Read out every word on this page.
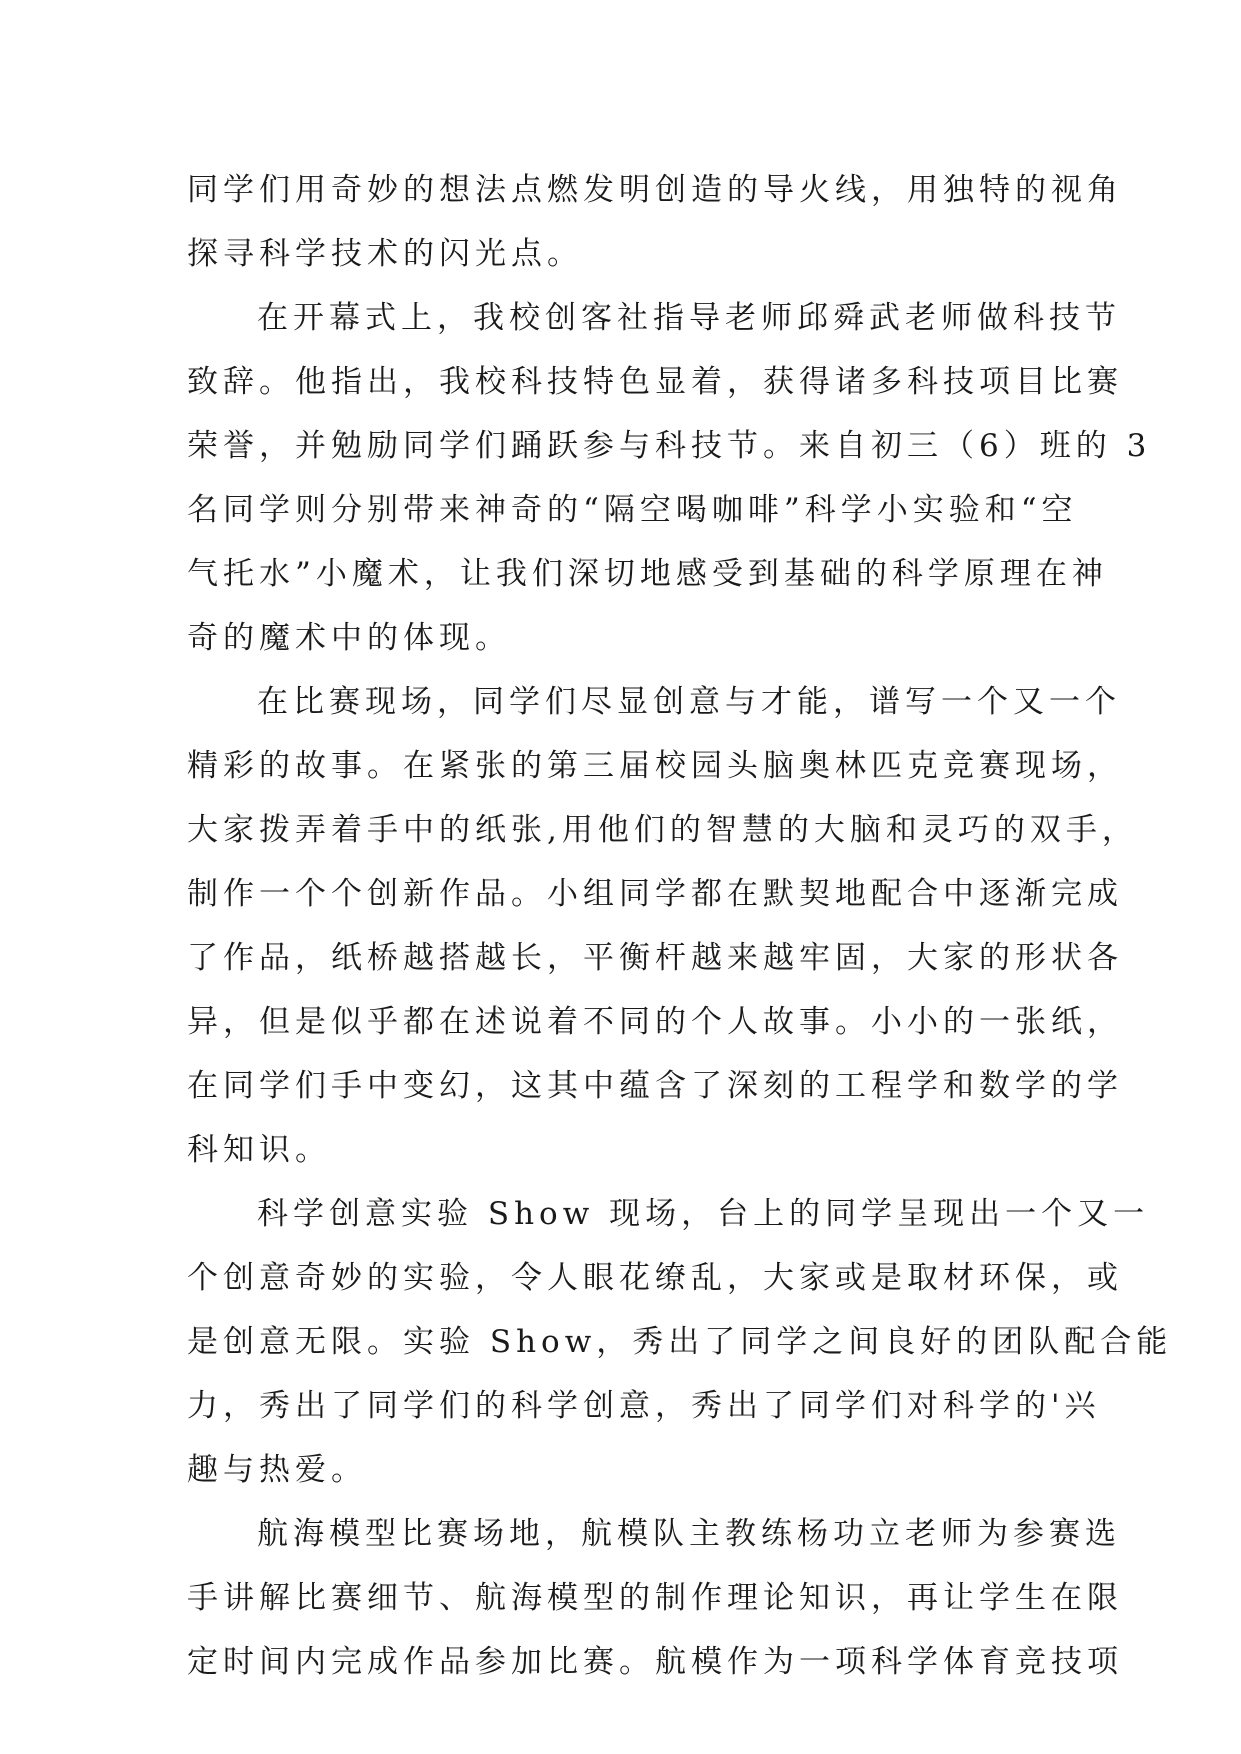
同学们用奇妙的想法点燃发明创造的导火线，用独特的视角
探寻科学技术的闪光点。
在开幕式上，我校创客社指导老师邱舜武老师做科技节
致辞。他指出，我校科技特色显着，获得诸多科技项目比赛
荣誉，并勉励同学们踊跃参与科技节。来自初三（6）班的 3
名同学则分别带来神奇的“隔空喝咖啡”科学小实验和“空
气托水”小魔术，让我们深切地感受到基础的科学原理在神
奇的魔术中的体现。
在比赛现场，同学们尽显创意与才能，谱写一个又一个
精彩的故事。在紧张的第三届校园头脑奥林匹克竞赛现场，
大家拨弄着手中的纸张,用他们的智慧的大脑和灵巧的双手，
制作一个个创新作品。小组同学都在默契地配合中逐渐完成
了作品，纸桥越搭越长，平衡杆越来越牢固，大家的形状各
异，但是似乎都在述说着不同的个人故事。小小的一张纸，
在同学们手中变幻，这其中蕴含了深刻的工程学和数学的学
科知识。
科学创意实验 Show 现场，台上的同学呈现出一个又一
个创意奇妙的实验，令人眼花缭乱，大家或是取材环保，或
是创意无限。实验 Show，秀出了同学之间良好的团队配合能
力，秀出了同学们的科学创意，秀出了同学们对科学的'兴
趣与热爱。
航海模型比赛场地，航模队主教练杨功立老师为参赛选
手讲解比赛细节、航海模型的制作理论知识，再让学生在限
定时间内完成作品参加比赛。航模作为一项科学体育竞技项
